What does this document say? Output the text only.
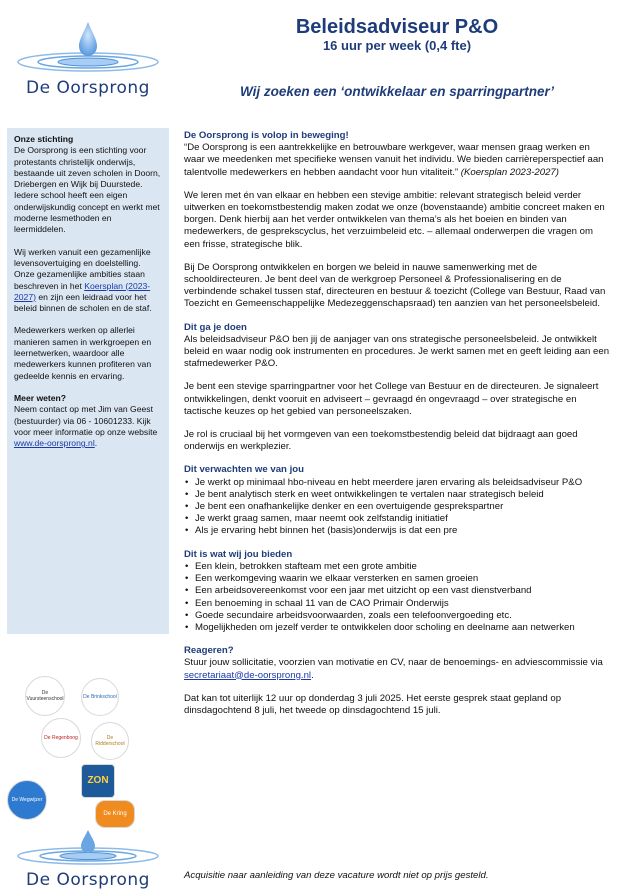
De Oorsprong

Onze stichting
De Oorsprong is een stichting voor protestants christelijk onderwijs, bestaande uit zeven scholen in Doorn, Driebergen en Wijk bij Duurstede. Iedere school heeft een eigen onderwijskundig concept en werkt met moderne lesmethoden en leermiddelen.

Wij werken vanuit een gezamenlijke levensovertuiging en doelstelling. Onze gezamenlijke ambities staan beschreven in het Koersplan (2023-2027) en zijn een leidraad voor het beleid binnen de scholen en de staf.

Medewerkers werken op allerlei manieren samen in werkgroepen en leernetwerken, waardoor alle medewerkers kunnen profiteren van gedeelde kennis en ervaring.

Meer weten?
Neem contact op met Jim van Geest (bestuurder) via 06 - 10601233. Kijk voor meer informatie op onze website www.de-oorsprong.nl.

De Vuursteenschool	De Brinkschool
De Regenboog	De Ridderschool
ZON
De Kring
De Wegwijzer
De Oorsprong
Beleidsadviseur P&O
16 uur per week (0,4 fte)
Wij zoeken een ‘ontwikkelaar en sparringpartner’

De Oorsprong is volop in beweging!
“De Oorsprong is een aantrekkelijke en betrouwbare werkgever, waar mensen graag werken en waar we meedenken met specifieke wensen vanuit het individu. We bieden carrièreperspectief aan talentvolle medewerkers en hebben aandacht voor hun vitaliteit.” (Koersplan 2023-2027)

We leren met én van elkaar en hebben een stevige ambitie: relevant strategisch beleid verder uitwerken en toekomstbestendig maken zodat we onze (bovenstaande) ambitie concreet maken en borgen. Denk hierbij aan het verder ontwikkelen van thema’s als het boeien en binden van medewerkers, de gesprekscyclus, het verzuimbeleid etc. – allemaal onderwerpen die vragen om een frisse, strategische blik.

Bij De Oorsprong ontwikkelen en borgen we beleid in nauwe samenwerking met de schooldirecteuren. Je bent deel van de werkgroep Personeel & Professionalisering en de verbindende schakel tussen staf, directeuren en bestuur & toezicht (College van Bestuur, Raad van Toezicht en Gemeenschappelijke Medezeggenschapsraad) ten aanzien van het personeelsbeleid.

Dit ga je doen
Als beleidsadviseur P&O ben jij de aanjager van ons strategische personeelsbeleid. Je ontwikkelt beleid en waar nodig ook instrumenten en procedures. Je werkt samen met en geeft leiding aan een stafmedewerker P&O.

Je bent een stevige sparringpartner voor het College van Bestuur en de directeuren. Je signaleert ontwikkelingen, denkt vooruit en adviseert – gevraagd én ongevraagd – over strategische en tactische keuzes op het gebied van personeelszaken.

Je rol is cruciaal bij het vormgeven van een toekomstbestendig beleid dat bijdraagt aan goed onderwijs en werkplezier.

Dit verwachten we van jou
• Je werkt op minimaal hbo-niveau en hebt meerdere jaren ervaring als beleidsadviseur P&O
• Je bent analytisch sterk en weet ontwikkelingen te vertalen naar strategisch beleid
• Je bent een onafhankelijke denker en een overtuigende gesprekspartner
• Je werkt graag samen, maar neemt ook zelfstandig initiatief
• Als je ervaring hebt binnen het (basis)onderwijs is dat een pre
Dit is wat wij jou bieden
• Een klein, betrokken stafteam met een grote ambitie
• Een werkomgeving waarin we elkaar versterken en samen groeien
• Een arbeidsovereenkomst voor een jaar met uitzicht op een vast dienstverband
• Een benoeming in schaal 11 van de CAO Primair Onderwijs
• Goede secundaire arbeidsvoorwaarden, zoals een telefoonvergoeding etc.
• Mogelijkheden om jezelf verder te ontwikkelen door scholing en deelname aan netwerken

Reageren?
Stuur jouw sollicitatie, voorzien van motivatie en CV, naar de benoemings- en adviescommissie via secretariaat@de-oorsprong.nl.

Dat kan tot uiterlijk 12 uur op donderdag 3 juli 2025. Het eerste gesprek staat gepland op dinsdagochtend 8 juli, het tweede op dinsdagochtend 15 juli.

Acquisitie naar aanleiding van deze vacature wordt niet op prijs gesteld.
